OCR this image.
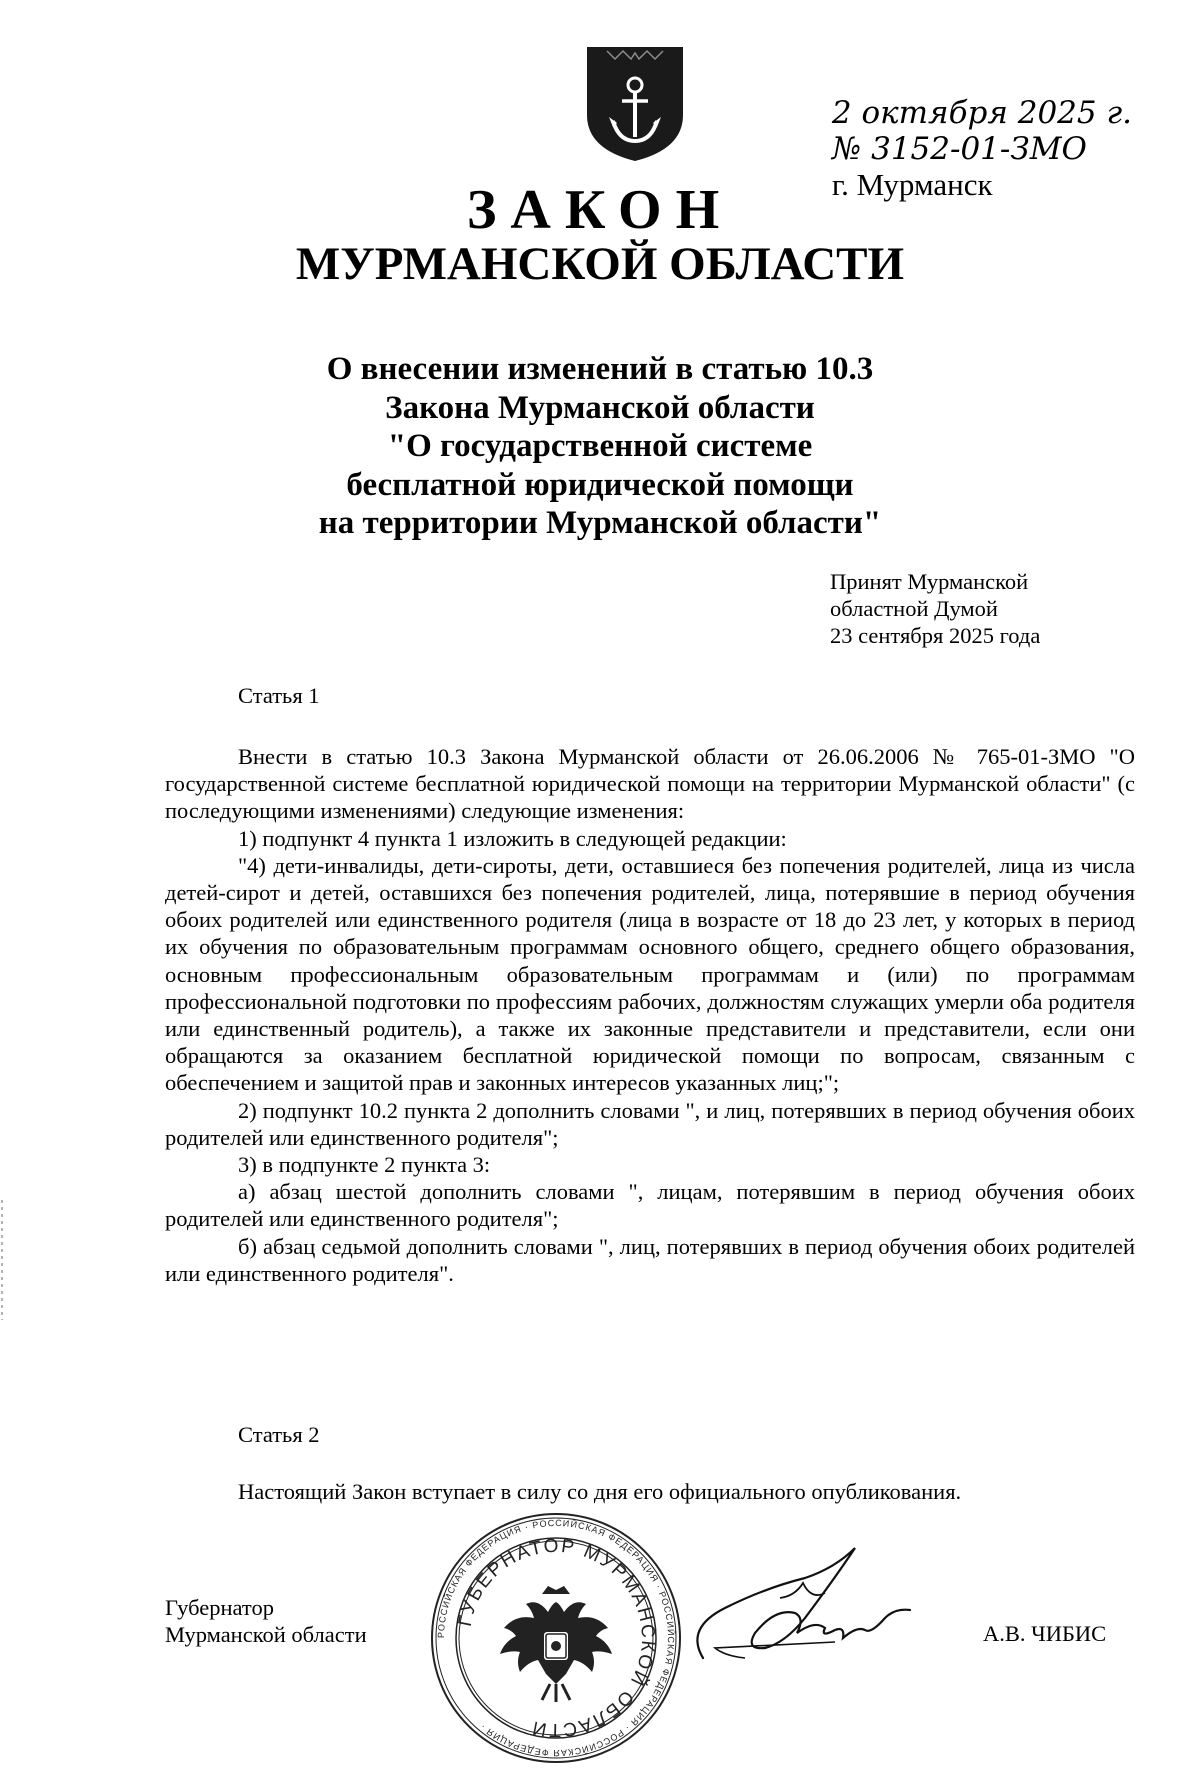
2 октября 2025 г.
№ 3152-01-ЗМО
г. Мурманск
ЗАКОН
МУРМАНСКОЙ ОБЛАСТИ
О внесении изменений в статью 10.3
Закона Мурманской области
"О государственной системе
бесплатной юридической помощи
на территории Мурманской области"
Принят Мурманской
областной Думой
23 сентября 2025 года
Статья 1

Внести в статью 10.3 Закона Мурманской области от 26.06.2006 № 765-01-ЗМО "О государственной системе бесплатной юридической помощи на территории Мурманской области" (с последующими изменениями) следующие изменения:

1) подпункт 4 пункта 1 изложить в следующей редакции:

"4) дети-инвалиды, дети-сироты, дети, оставшиеся без попечения родителей, лица из числа детей-сирот и детей, оставшихся без попечения родителей, лица, потерявшие в период обучения обоих родителей или единственного родителя (лица в возрасте от 18 до 23 лет, у которых в период их обучения по образовательным программам основного общего, среднего общего образования, основным профессиональным образовательным программам и (или) по программам профессиональной подготовки по профессиям рабочих, должностям служащих умерли оба родителя или единственный родитель), а также их законные представители и представители, если они обращаются за оказанием бесплатной юридической помощи по вопросам, связанным с обеспечением и защитой прав и законных интересов указанных лиц;";

2) подпункт 10.2 пункта 2 дополнить словами ", и лиц, потерявших в период обучения обоих родителей или единственного родителя";

3) в подпункте 2 пункта 3:

а) абзац шестой дополнить словами ", лицам, потерявшим в период обучения обоих родителей или единственного родителя";

б) абзац седьмой дополнить словами ", лиц, потерявших в период обучения обоих родителей или единственного родителя".

Статья 2

Настоящий Закон вступает в силу со дня его официального опубликования.

Губернатор
Мурманской области	А.В. ЧИБИС
РОССИЙСКАЯ ФЕДЕРАЦИЯ · РОССИЙСКАЯ ФЕДЕРАЦИЯ · РОССИЙСКАЯ ФЕДЕРАЦИЯ · РОССИЙСКАЯ ФЕДЕРАЦИЯ ·
ГУБЕРНАТОР МУРМАНСКОЙ ОБЛАСТИ
